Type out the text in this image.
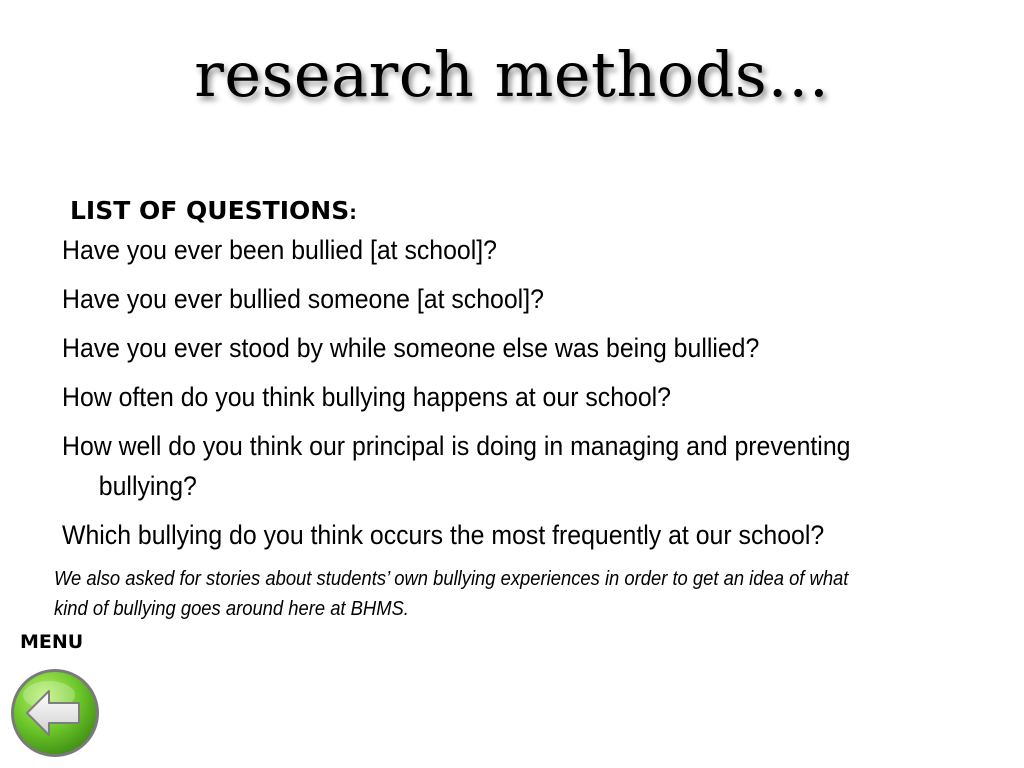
research methods…
LIST OF QUESTIONS:
Have you ever been bullied [at school]?
Have you ever bullied someone [at school]?
Have you ever stood by while someone else was being bullied?
How often do you think bullying happens at our school?
How well do you think our principal is doing in managing and preventing bullying?
Which bullying do you think occurs the most frequently at our school?
We also asked for stories about students’ own bullying experiences in order to get an idea of what kind of bullying goes around here at BHMS.
MENU
